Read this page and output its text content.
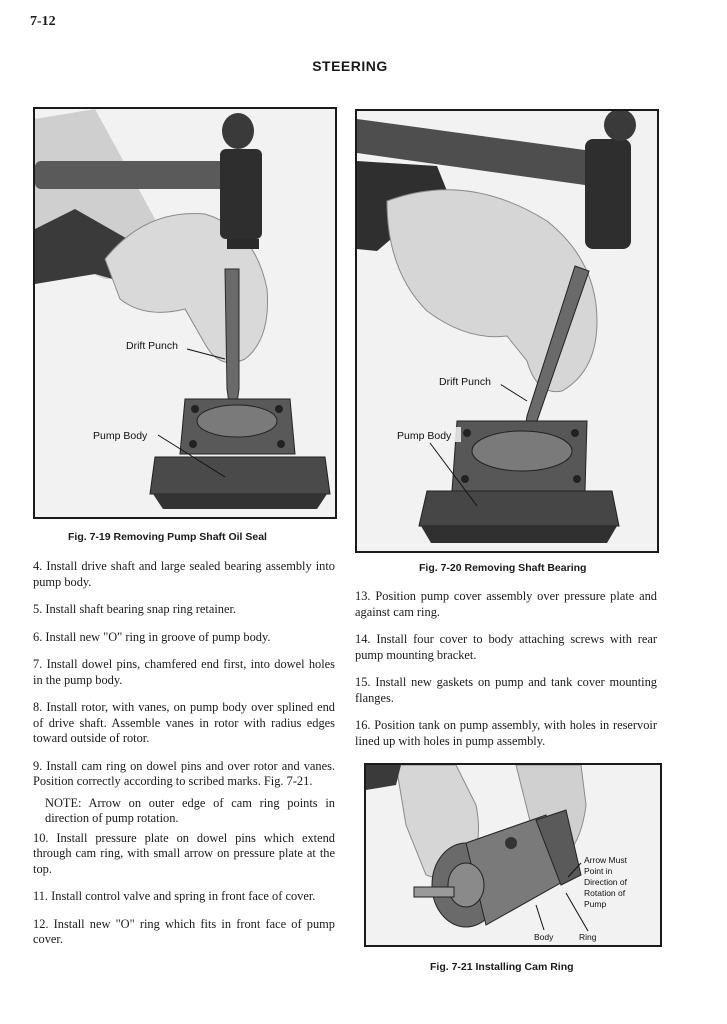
7-12
STEERING
Drift Punch
Pump Body
Fig. 7-19 Removing Pump Shaft Oil Seal
Drift Punch
Pump Body
Fig. 7-20 Removing Shaft Bearing

4. Install drive shaft and large sealed bearing assembly into pump body.

5. Install shaft bearing snap ring retainer.

6. Install new "O" ring in groove of pump body.

7. Install dowel pins, chamfered end first, into dowel holes in the pump body.

8. Install rotor, with vanes, on pump body over splined end of drive shaft. Assemble vanes in rotor with radius edges toward outside of rotor.

9. Install cam ring on dowel pins and over rotor and vanes. Position correctly according to scribed marks. Fig. 7-21.

NOTE: Arrow on outer edge of cam ring points in direction of pump rotation.

10. Install pressure plate on dowel pins which extend through cam ring, with small arrow on pressure plate at the top.

11. Install control valve and spring in front face of cover.

12. Install new "O" ring which fits in front face of pump cover.

13. Position pump cover assembly over pressure plate and against cam ring.

14. Install four cover to body attaching screws with rear pump mounting bracket.

15. Install new gaskets on pump and tank cover mounting flanges.

16. Position tank on pump assembly, with holes in reservoir lined up with holes in pump assembly.

Arrow Must
Point in
Direction of
Rotation of
Pump
Body	Ring
Fig. 7-21 Installing Cam Ring
